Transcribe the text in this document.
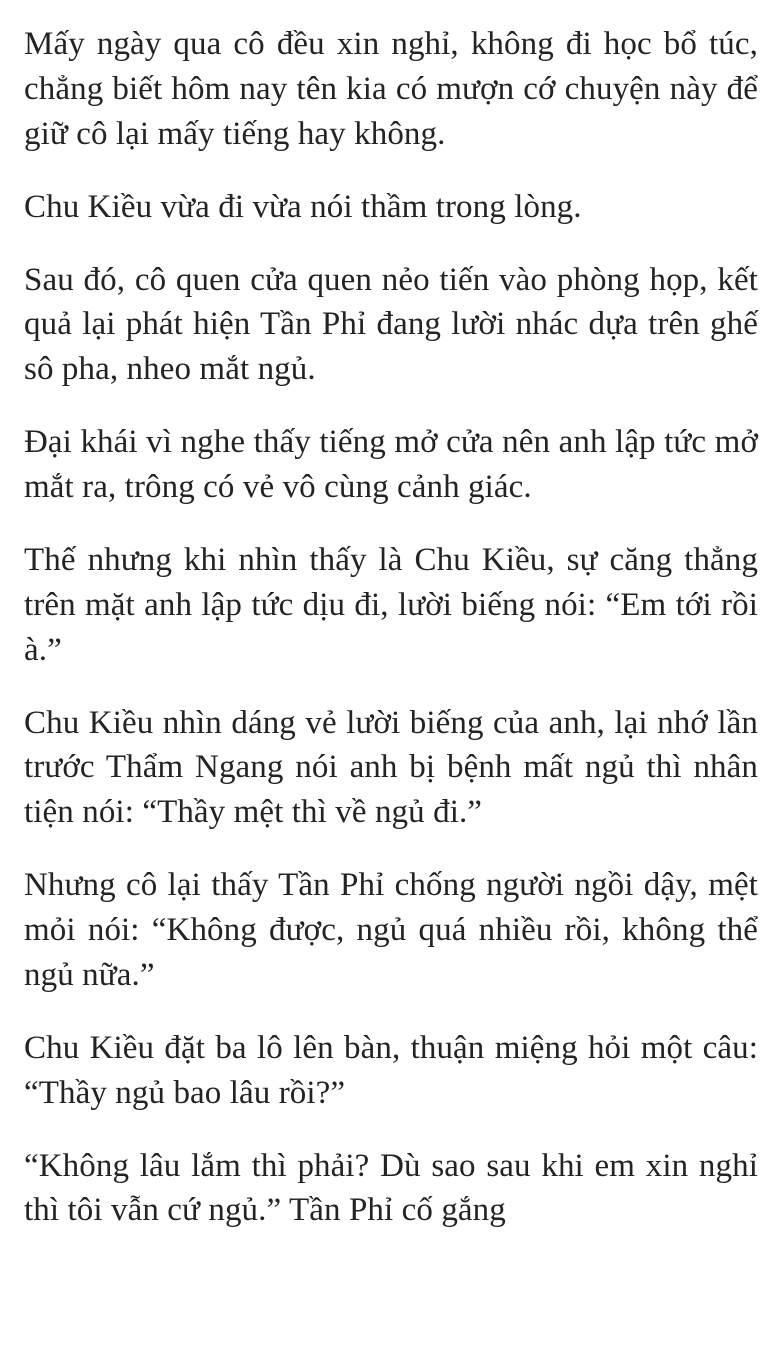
Mấy ngày qua cô đều xin nghỉ, không đi học bổ túc, chẳng biết hôm nay tên kia có mượn cớ chuyện này để giữ cô lại mấy tiếng hay không.

Chu Kiều vừa đi vừa nói thầm trong lòng.

Sau đó, cô quen cửa quen nẻo tiến vào phòng họp, kết quả lại phát hiện Tần Phỉ đang lười nhác dựa trên ghế sô pha, nheo mắt ngủ.

Đại khái vì nghe thấy tiếng mở cửa nên anh lập tức mở mắt ra, trông có vẻ vô cùng cảnh giác.

Thế nhưng khi nhìn thấy là Chu Kiều, sự căng thẳng trên mặt anh lập tức dịu đi, lười biếng nói: “Em tới rồi à.”

Chu Kiều nhìn dáng vẻ lười biếng của anh, lại nhớ lần trước Thẩm Ngang nói anh bị bệnh mất ngủ thì nhân tiện nói: “Thầy mệt thì về ngủ đi.”

Nhưng cô lại thấy Tần Phỉ chống người ngồi dậy, mệt mỏi nói: “Không được, ngủ quá nhiều rồi, không thể ngủ nữa.”

Chu Kiều đặt ba lô lên bàn, thuận miệng hỏi một câu: “Thầy ngủ bao lâu rồi?”

“Không lâu lắm thì phải? Dù sao sau khi em xin nghỉ thì tôi vẫn cứ ngủ.” Tần Phỉ cố gắng
